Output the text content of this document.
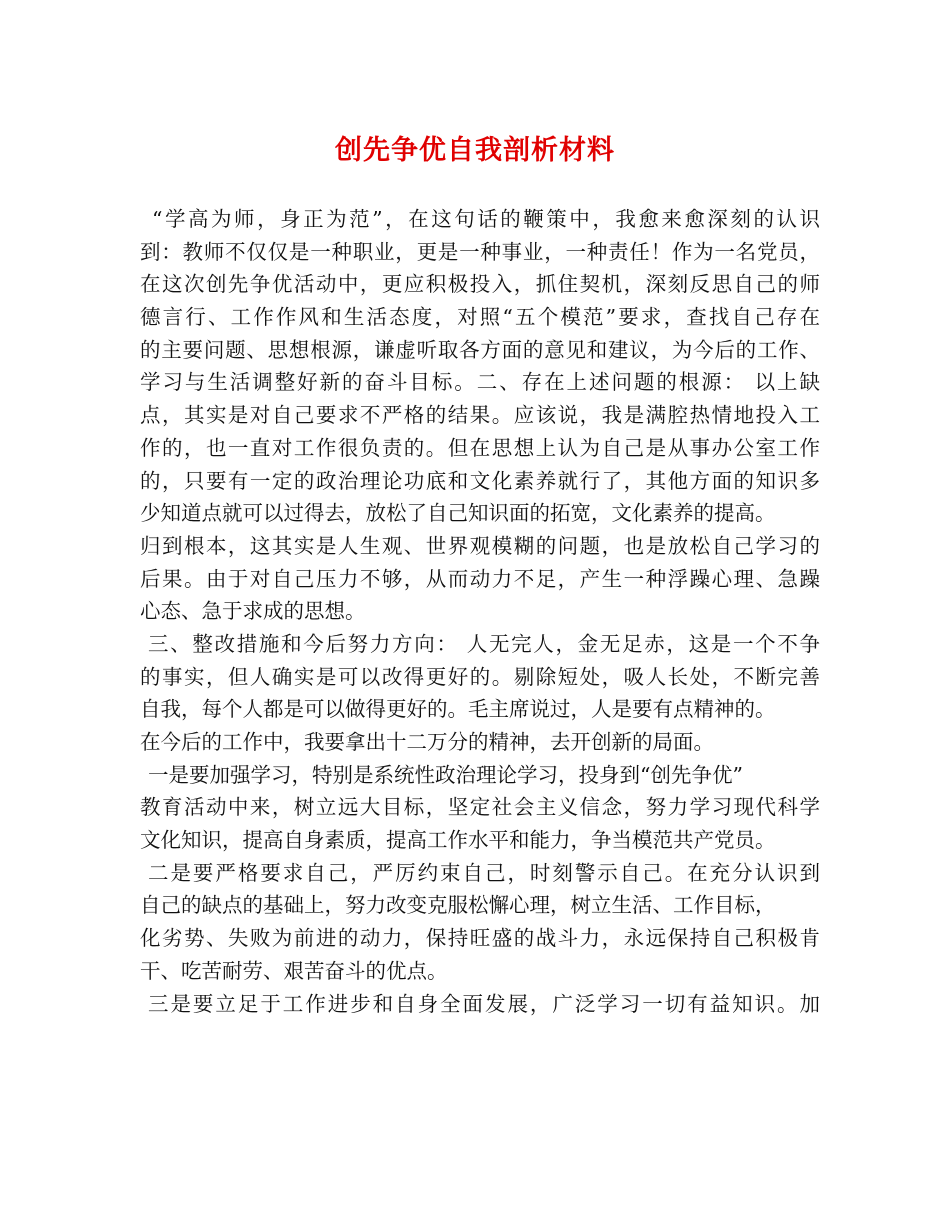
创先争优自我剖析材料
“学高为师，身正为范”，在这句话的鞭策中，我愈来愈深刻的认识
到：教师不仅仅是一种职业，更是一种事业，一种责任！作为一名党员，
在这次创先争优活动中，更应积极投入，抓住契机，深刻反思自己的师
德言行、工作作风和生活态度，对照“五个模范”要求，查找自己存在
的主要问题、思想根源，谦虚听取各方面的意见和建议，为今后的工作、
学习与生活调整好新的奋斗目标。二、存在上述问题的根源： 以上缺
点，其实是对自己要求不严格的结果。应该说，我是满腔热情地投入工
作的，也一直对工作很负责的。但在思想上认为自己是从事办公室工作
的，只要有一定的政治理论功底和文化素养就行了，其他方面的知识多
少知道点就可以过得去，放松了自己知识面的拓宽，文化素养的提高。
归到根本，这其实是人生观、世界观模糊的问题，也是放松自己学习的
后果。由于对自己压力不够，从而动力不足，产生一种浮躁心理、急躁
心态、急于求成的思想。
三、整改措施和今后努力方向： 人无完人，金无足赤，这是一个不争
的事实，但人确实是可以改得更好的。剔除短处，吸人长处，不断完善
自我，每个人都是可以做得更好的。毛主席说过，人是要有点精神的。
在今后的工作中，我要拿出十二万分的精神，去开创新的局面。
一是要加强学习，特别是系统性政治理论学习，投身到“创先争优”
教育活动中来，树立远大目标，坚定社会主义信念，努力学习现代科学
文化知识，提高自身素质，提高工作水平和能力，争当模范共产党员。
二是要严格要求自己，严厉约束自己，时刻警示自己。在充分认识到
自己的缺点的基础上，努力改变克服松懈心理，树立生活、工作目标，
化劣势、失败为前进的动力，保持旺盛的战斗力，永远保持自己积极肯
干、吃苦耐劳、艰苦奋斗的优点。
三是要立足于工作进步和自身全面发展，广泛学习一切有益知识。加
